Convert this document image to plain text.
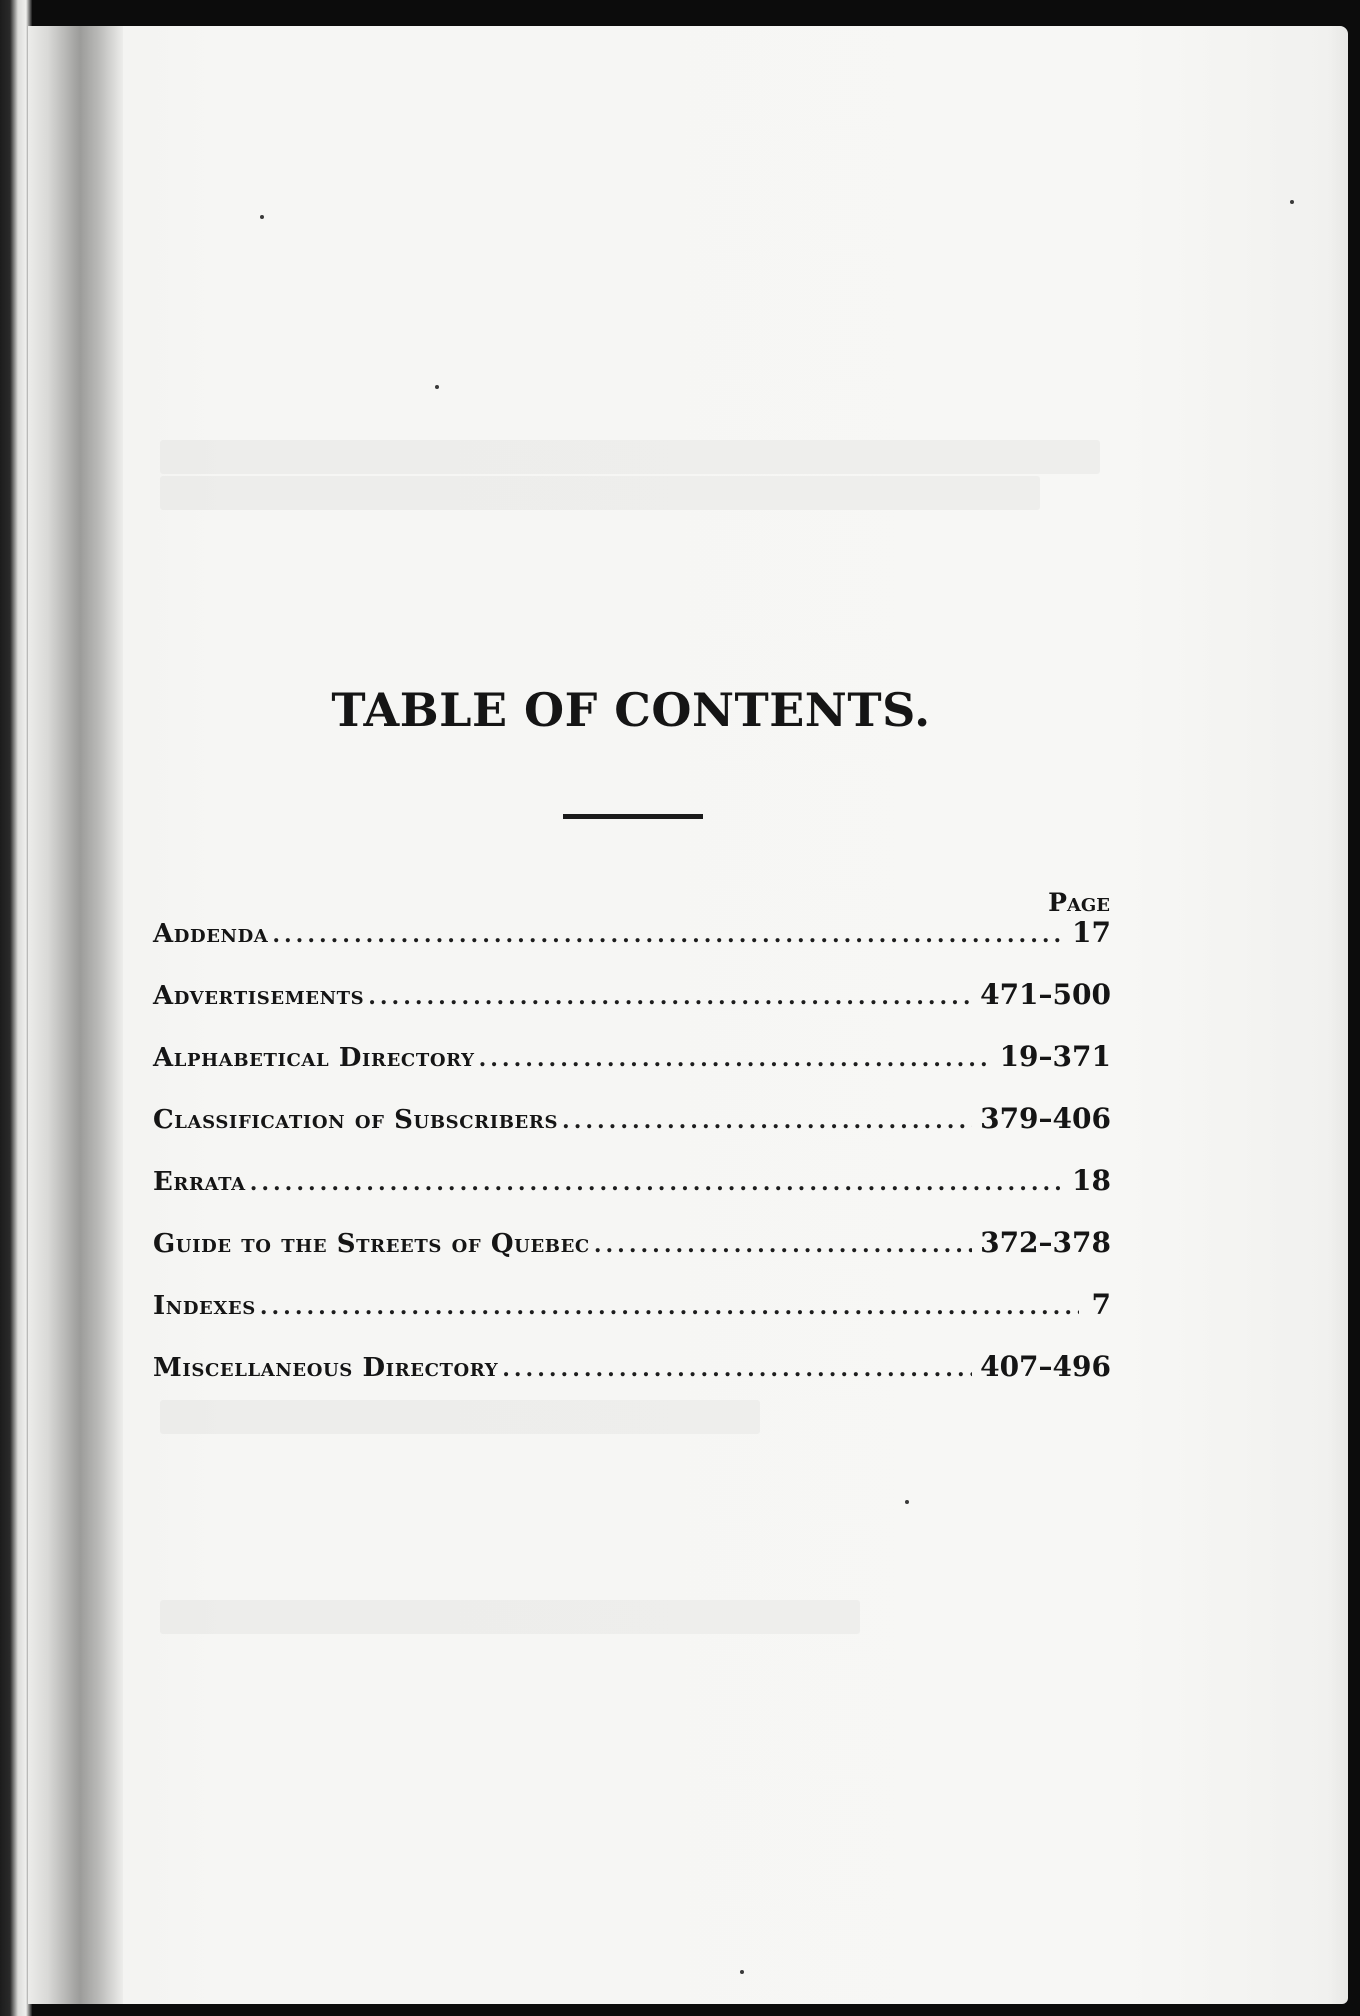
TABLE OF CONTENTS.
Page
Addenda .....	17
Advertisements .....	471–500
Alphabetical Directory .....	19–371
Classification of Subscribers .....	379–406
Errata .....	18
Guide to the Streets of Quebec .....	372–378
Indexes .....	7
Miscellaneous Directory .....	407–496
